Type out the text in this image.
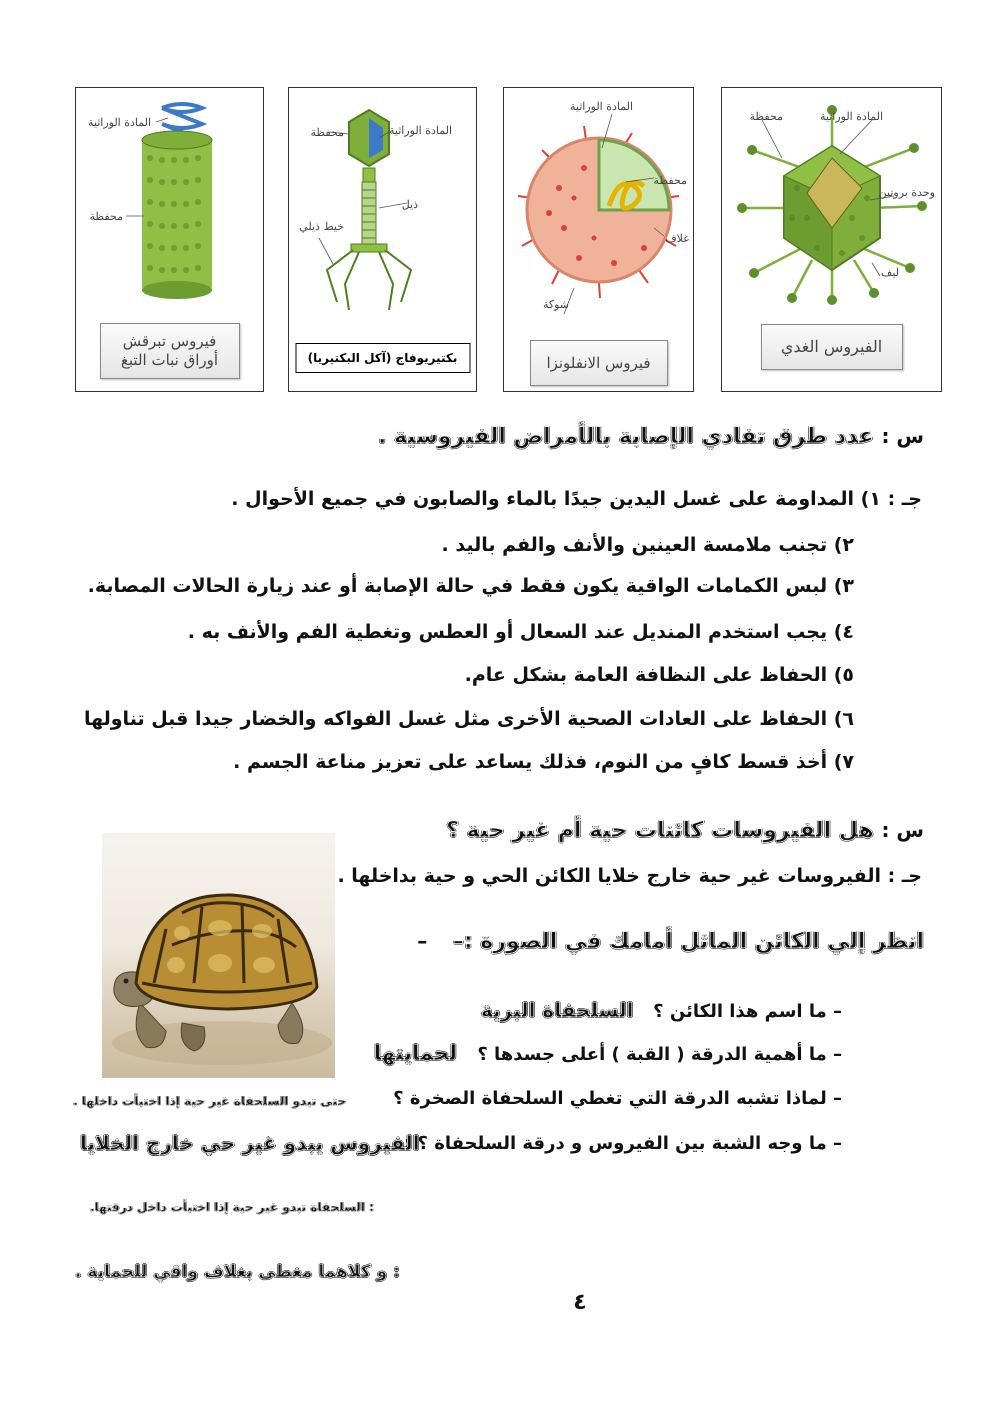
المادة الوراثية
محفظة
وحدة بروتين
ليف
الفيروس الغدي
المادة الوراثية
محفظة
غلاف
شوكة
فيروس الانفلونزا
محفظة	المادة الوراثية
ذيل
خيط ذيلي
بكتيريوفاج (آكل البكتيريا)
المادة الوراثية
محفظة
فيروس تبرقش
أوراق نبات التبغ
س : عدد طرق تفادي الإصابة بالأمراض الفيروسية .
جـ : ١) المداومة على غسل اليدين جيدًا بالماء والصابون في جميع الأحوال .
٢) تجنب ملامسة العينين والأنف والفم باليد .
٣) لبس الكمامات الواقية يكون فقط في حالة الإصابة أو عند زيارة الحالات المصابة.
٤) يجب استخدم المنديل عند السعال أو العطس وتغطية الفم والأنف به .
٥) الحفاظ على النظافة العامة بشكل عام.
٦) الحفاظ على العادات الصحية الأخرى مثل غسل الفواكه والخضار جيدا قبل تناولها
٧) أخذ قسط كافٍ من النوم، فذلك يساعد على تعزيز مناعة الجسم .
س : هل الفيروسات كائنات حية أم غير حية ؟
جـ : الفيروسات غير حية خارج خلايا الكائن الحي و حية بداخلها .
انظر إلي الكائن الماثل أمامك في الصورة :– –
– ما اسم هذا الكائن ؟ السلحفاة البرية
– ما أهمية الدرقة ( القبة ) أعلى جسدها ؟ لحمايتها
– لماذا تشبه الدرقة التي تغطي السلحفاة الصخرة ؟
حتى تبدو السلحفاة غير حية إذا اختبأت داخلها .
– ما وجه الشبة بين الفيروس و درقة السلحفاة ؟ :
الفيروس يبدو غير حي خارج الخلايا
: السلحفاة تبدو غير حية إذا اختبأت داخل درقتها.
: و كلاهما مغطى بغلاف واقي للحماية .
٤
